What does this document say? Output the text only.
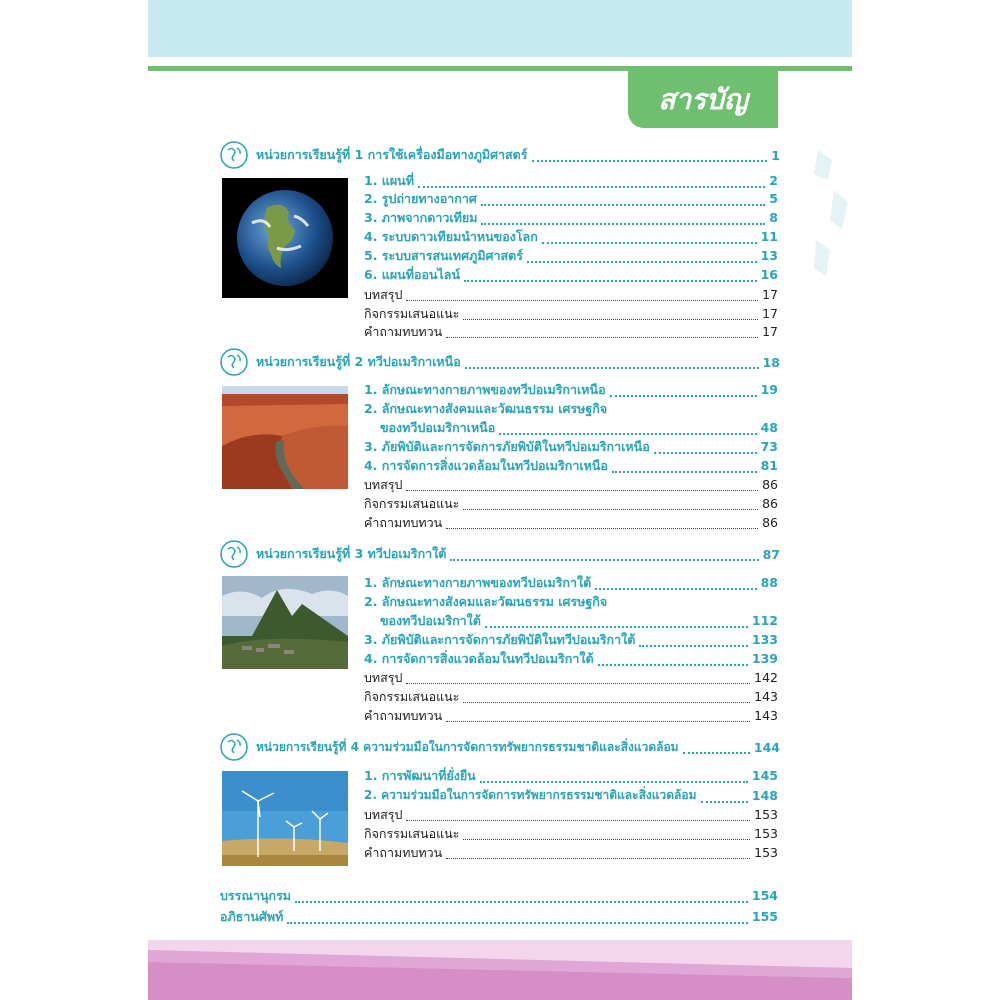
สารบัญ
หน่วยการเรียนรู้ที่ 1 การใช้เครื่องมือทางภูมิศาสตร์	1
1. แผนที่	2
2. รูปถ่ายทางอากาศ	5
3. ภาพจากดาวเทียม	8
4. ระบบดาวเทียมนำหนของโลก	11
5. ระบบสารสนเทศภูมิศาสตร์	13
6. แผนที่ออนไลน์	16
บทสรุป	17
กิจกรรมเสนอแนะ	17
คำถามทบทวน	17
หน่วยการเรียนรู้ที่ 2 ทวีปอเมริกาเหนือ	18
1. ลักษณะทางกายภาพของทวีปอเมริกาเหนือ	19
2. ลักษณะทางสังคมและวัฒนธรรม เศรษฐกิจ
ของทวีปอเมริกาเหนือ	48
3. ภัยพิบัติและการจัดการภัยพิบัติในทวีปอเมริกาเหนือ	73
4. การจัดการสิ่งแวดล้อมในทวีปอเมริกาเหนือ	81
บทสรุป	86
กิจกรรมเสนอแนะ	86
คำถามทบทวน	86
หน่วยการเรียนรู้ที่ 3 ทวีปอเมริกาใต้	87
1. ลักษณะทางกายภาพของทวีปอเมริกาใต้	88
2. ลักษณะทางสังคมและวัฒนธรรม เศรษฐกิจ
ของทวีปอเมริกาใต้	112
3. ภัยพิบัติและการจัดการภัยพิบัติในทวีปอเมริกาใต้	133
4. การจัดการสิ่งแวดล้อมในทวีปอเมริกาใต้	139
บทสรุป	142
กิจกรรมเสนอแนะ	143
คำถามทบทวน	143
หน่วยการเรียนรู้ที่ 4 ความร่วมมือในการจัดการทรัพยากรธรรมชาติและสิ่งแวดล้อม	144
1. การพัฒนาที่ยั่งยืน	145
2. ความร่วมมือในการจัดการทรัพยากรธรรมชาติและสิ่งแวดล้อม	148
บทสรุป	153
กิจกรรมเสนอแนะ	153
คำถามทบทวน	153
บรรณานุกรม	154
อภิธานศัพท์	155
